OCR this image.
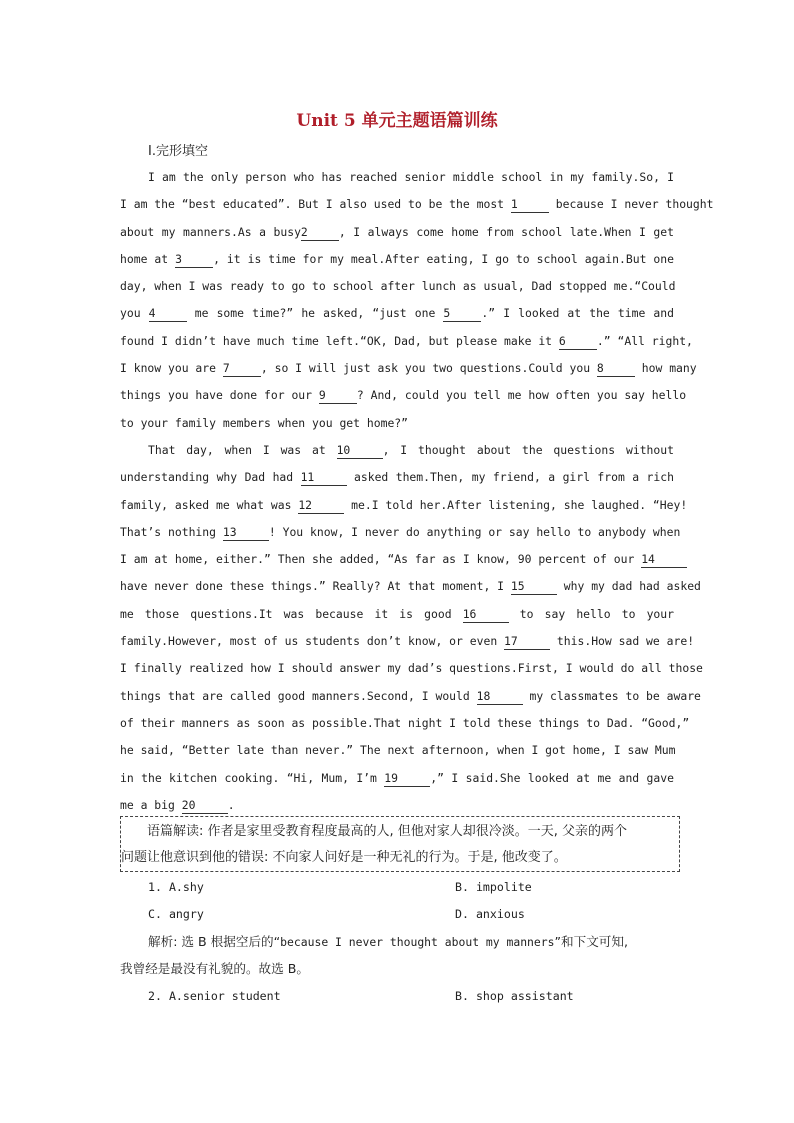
Unit 5 单元主题语篇训练
Ⅰ.完形填空
I am the only person who has reached senior middle school in my family.So, I
I am the “best educated”. But I also used to be the most 1	because I never thought
about my manners.As a busy2	, I always come home from school late.When I get
home at 3	, it is time for my meal.After eating, I go to school again.But one
day, when I was ready to go to school after lunch as usual, Dad stopped me.“Could
you 4	me some time?” he asked, “just one 5	.” I looked at the time and
found I didn’t have much time left.“OK, Dad, but please make it 6	.” “All right,
I know you are 7	, so I will just ask you two questions.Could you 8	how many
things you have done for our 9	? And, could you tell me how often you say hello
to your family members when you get home?”
That day, when I was at 10	, I thought about the questions without
understanding why Dad had 11	asked them.Then, my friend, a girl from a rich
family, asked me what was 12	me.I told her.After listening, she laughed. “Hey!
That’s nothing 13	! You know, I never do anything or say hello to anybody when
I am at home, either.” Then she added, “As far as I know, 90 percent of our 14
have never done these things.” Really? At that moment, I 15	why my dad had asked
me those questions.It was because it is good 16	to say hello to your
family.However, most of us students don’t know, or even 17	this.How sad we are!
I finally realized how I should answer my dad’s questions.First, I would do all those
things that are called good manners.Second, I would 18	my classmates to be aware
of their manners as soon as possible.That night I told these things to Dad. “Good,”
he said, “Better late than never.” The next afternoon, when I got home, I saw Mum
in the kitchen cooking. “Hi, Mum, I’m 19	,” I said.She looked at me and gave
me a big 20	.
语篇解读: 作者是家里受教育程度最高的人, 但他对家人却很冷淡。一天, 父亲的两个
问题让他意识到他的错误: 不向家人问好是一种无礼的行为。于是, 他改变了。
1. A.shy	B. impolite
C. angry	D. anxious
解析: 选 B 根据空后的“because I never thought about my manners”和下文可知,
我曾经是最没有礼貌的。故选 B。
2. A.senior student	B. shop assistant
